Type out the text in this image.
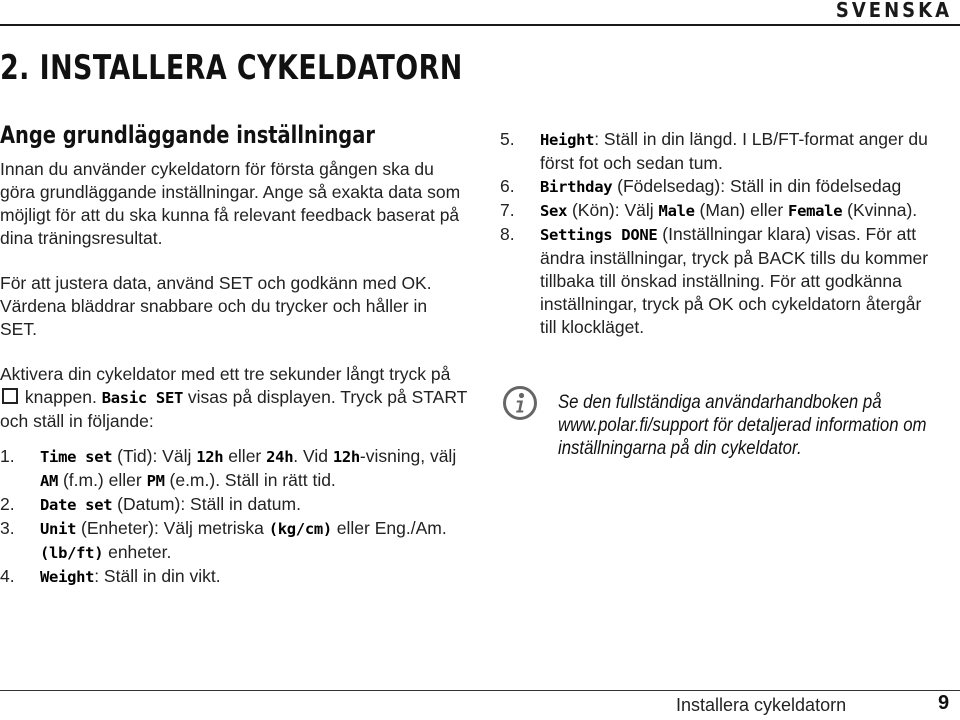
SVENSKA
2. INSTALLERA CYKELDATORN
Ange grundläggande inställningar

Innan du använder cykeldatorn för första gången ska du göra grundläggande inställningar. Ange så exakta data som möjligt för att du ska kunna få relevant feedback baserat på dina träningsresultat.

För att justera data, använd SET och godkänn med OK. Värdena bläddrar snabbare och du trycker och håller in SET.

Aktivera din cykeldator med ett tre sekunder långt tryck på  knappen. Basic SET visas på displayen. Tryck på START och ställ in följande:

1. Time set (Tid): Välj 12h eller 24h. Vid 12h-visning, välj AM (f.m.) eller PM (e.m.). Ställ in rätt tid.
2. Date set (Datum): Ställ in datum.
3. Unit (Enheter): Välj metriska (kg/cm) eller Eng./Am. (lb/ft) enheter.
4. Weight: Ställ in din vikt.
5. Height: Ställ in din längd. I LB/FT-format anger du först fot och sedan tum.
6. Birthday (Födelsedag): Ställ in din födelsedag
7. Sex (Kön): Välj Male (Man) eller Female (Kvinna).
8. Settings DONE (Inställningar klara) visas. För att ändra inställningar, tryck på BACK tills du kommer tillbaka till önskad inställning. För att godkänna inställningar, tryck på OK och cykeldatorn återgår till klockläget.
Se den fullständiga användarhandboken på www.polar.fi/support för detaljerad information om inställningarna på din cykeldator.
Installera cykeldatorn	9
